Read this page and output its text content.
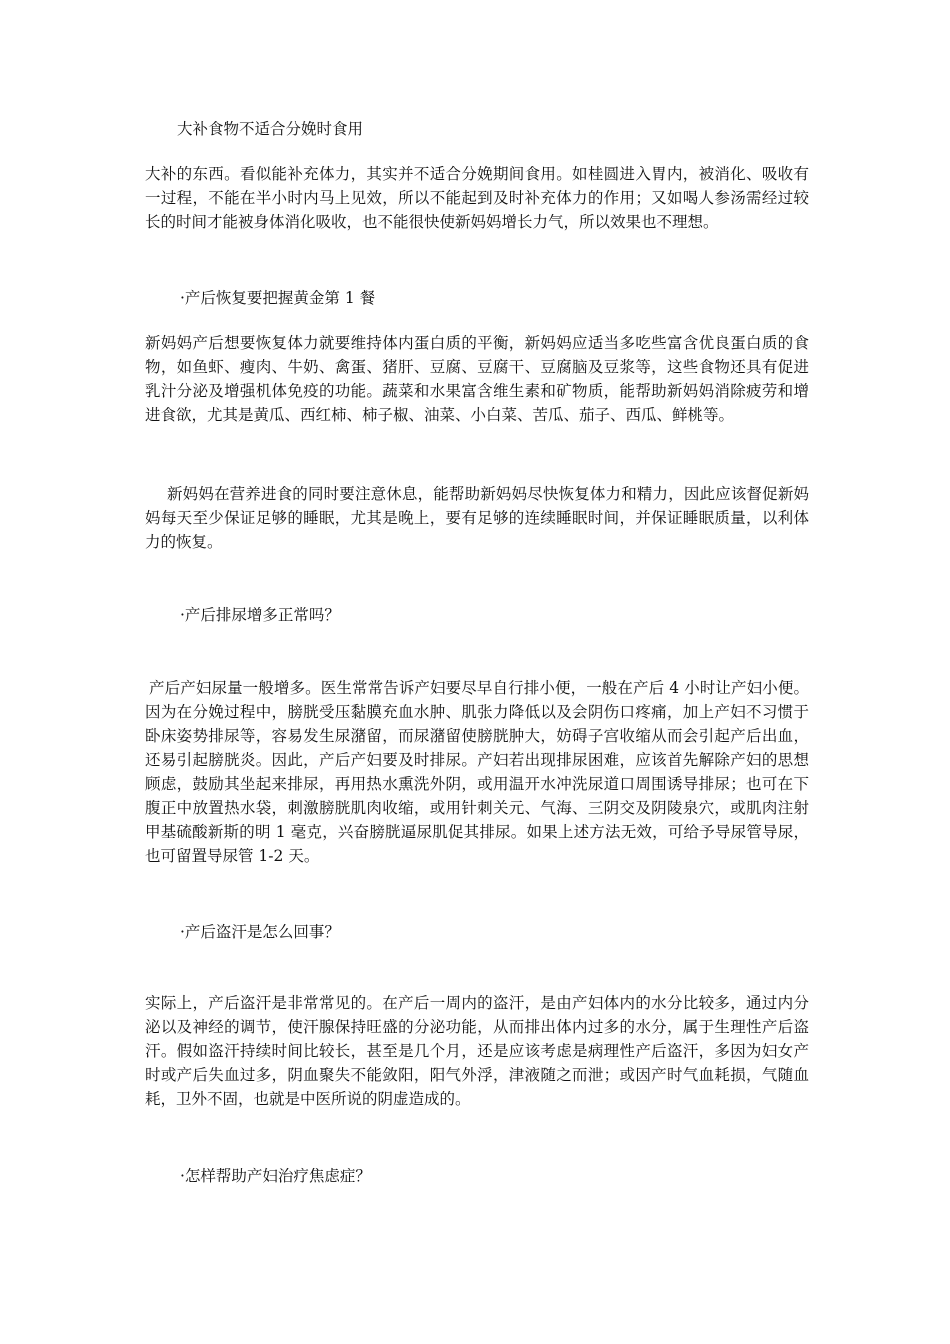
大补食物不适合分娩时食用

大补的东西。看似能补充体力，其实并不适合分娩期间食用。如桂圆进入胃内，被消化、吸收有一过程，不能在半小时内马上见效，所以不能起到及时补充体力的作用；又如喝人参汤需经过较长的时间才能被身体消化吸收，也不能很快使新妈妈增长力气，所以效果也不理想。

·产后恢复要把握黄金第 1 餐

新妈妈产后想要恢复体力就要维持体内蛋白质的平衡，新妈妈应适当多吃些富含优良蛋白质的食物，如鱼虾、瘦肉、牛奶、禽蛋、猪肝、豆腐、豆腐干、豆腐脑及豆浆等，这些食物还具有促进乳汁分泌及增强机体免疫的功能。蔬菜和水果富含维生素和矿物质，能帮助新妈妈消除疲劳和增进食欲，尤其是黄瓜、西红柿、柿子椒、油菜、小白菜、苦瓜、茄子、西瓜、鲜桃等。

新妈妈在营养进食的同时要注意休息，能帮助新妈妈尽快恢复体力和精力，因此应该督促新妈妈每天至少保证足够的睡眠，尤其是晚上，要有足够的连续睡眠时间，并保证睡眠质量，以利体力的恢复。

·产后排尿增多正常吗？

产后产妇尿量一般增多。医生常常告诉产妇要尽早自行排小便，一般在产后 4 小时让产妇小便。因为在分娩过程中，膀胱受压黏膜充血水肿、肌张力降低以及会阴伤口疼痛，加上产妇不习惯于卧床姿势排尿等，容易发生尿潴留，而尿潴留使膀胱肿大，妨碍子宫收缩从而会引起产后出血，还易引起膀胱炎。因此，产后产妇要及时排尿。产妇若出现排尿困难，应该首先解除产妇的思想顾虑，鼓励其坐起来排尿，再用热水熏洗外阴，或用温开水冲洗尿道口周围诱导排尿；也可在下腹正中放置热水袋，刺激膀胱肌肉收缩，或用针刺关元、气海、三阴交及阴陵泉穴，或肌肉注射甲基硫酸新斯的明 1 毫克，兴奋膀胱逼尿肌促其排尿。如果上述方法无效，可给予导尿管导尿，也可留置导尿管 1-2 天。

·产后盗汗是怎么回事？

实际上，产后盗汗是非常常见的。在产后一周内的盗汗，是由产妇体内的水分比较多，通过内分泌以及神经的调节，使汗腺保持旺盛的分泌功能，从而排出体内过多的水分，属于生理性产后盗汗。假如盗汗持续时间比较长，甚至是几个月，还是应该考虑是病理性产后盗汗，多因为妇女产时或产后失血过多，阴血聚失不能敛阳，阳气外浮，津液随之而泄；或因产时气血耗损，气随血耗，卫外不固，也就是中医所说的阴虚造成的。

·怎样帮助产妇治疗焦虑症？
